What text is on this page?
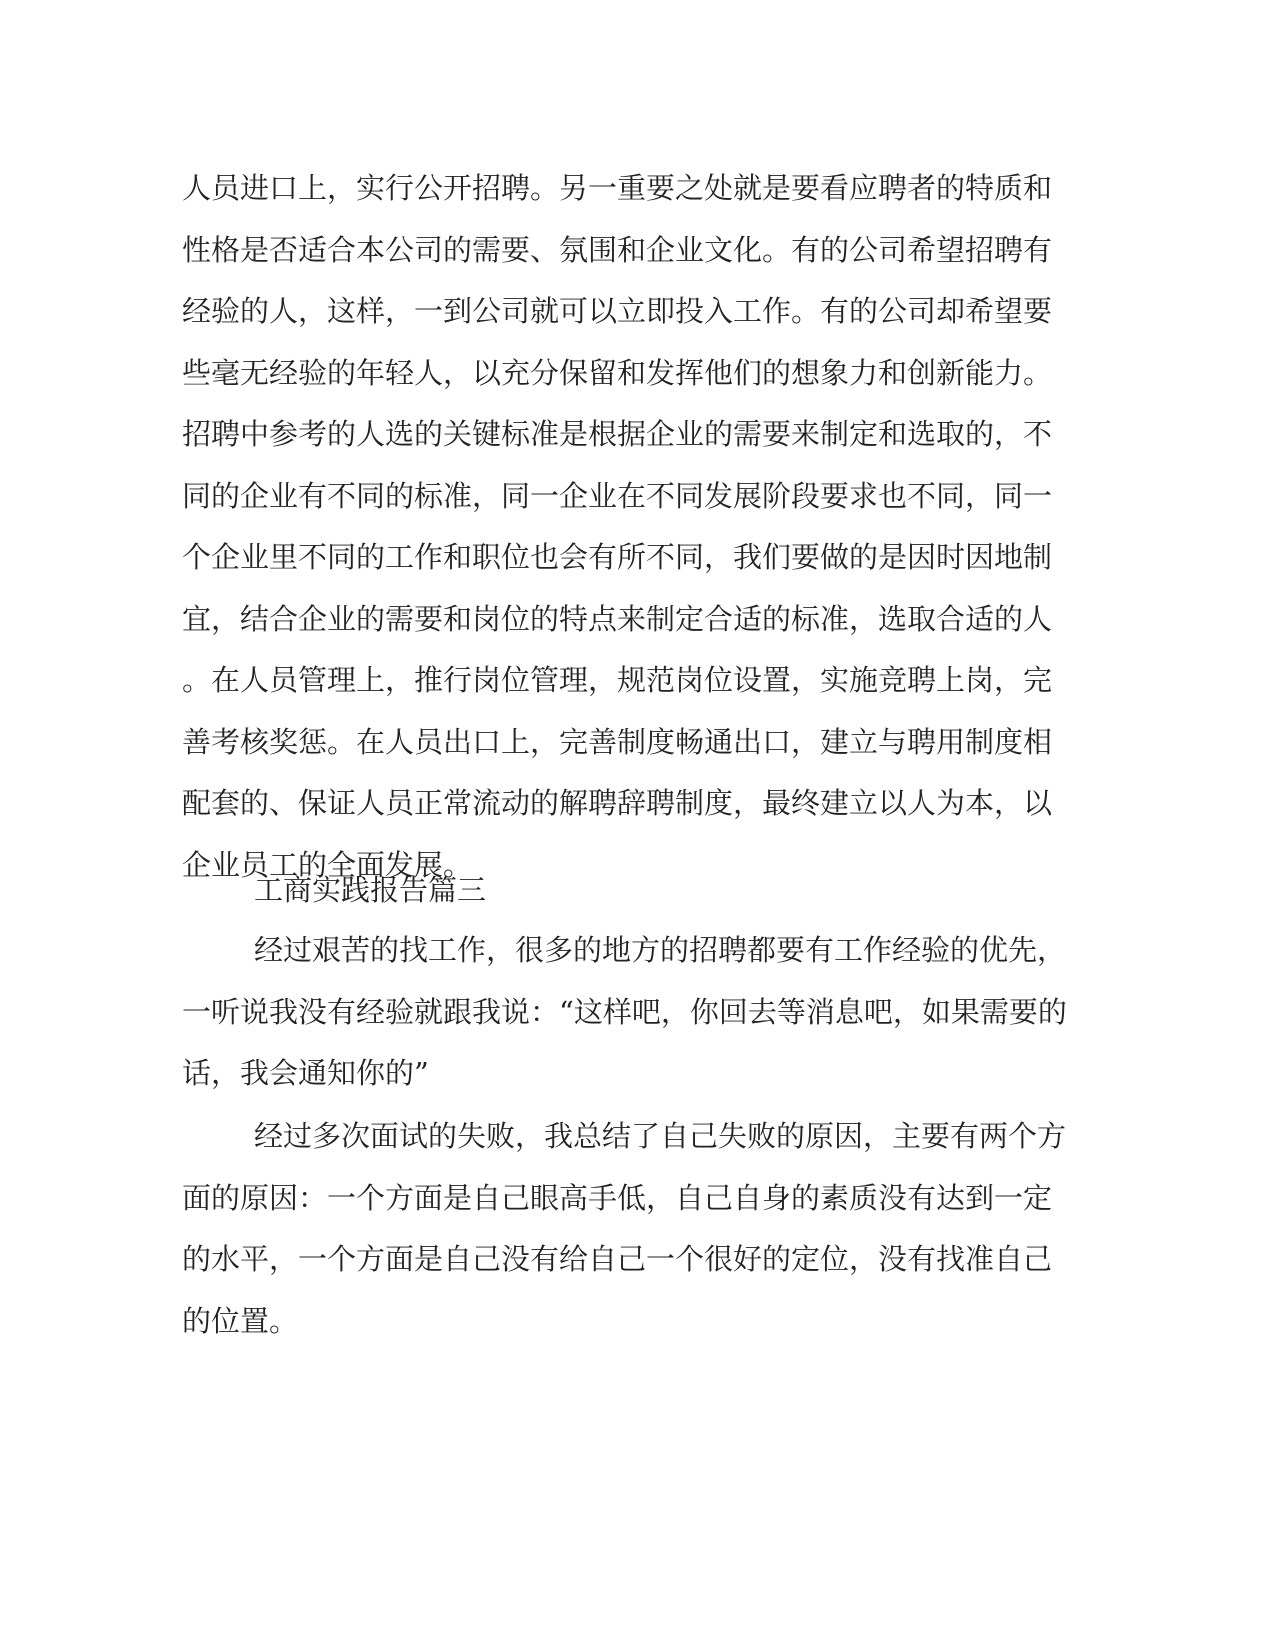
人员进口上，实行公开招聘。另一重要之处就是要看应聘者的特质和
性格是否适合本公司的需要、氛围和企业文化。有的公司希望招聘有
经验的人，这样，一到公司就可以立即投入工作。有的公司却希望要
些毫无经验的年轻人，以充分保留和发挥他们的想象力和创新能力。
招聘中参考的人选的关键标准是根据企业的需要来制定和选取的，不
同的企业有不同的标准，同一企业在不同发展阶段要求也不同，同一
个企业里不同的工作和职位也会有所不同，我们要做的是因时因地制
宜，结合企业的需要和岗位的特点来制定合适的标准，选取合适的人
。在人员管理上，推行岗位管理，规范岗位设置，实施竞聘上岗，完
善考核奖惩。在人员出口上，完善制度畅通出口，建立与聘用制度相
配套的、保证人员正常流动的解聘辞聘制度，最终建立以人为本，以
企业员工的全面发展。
工商实践报告篇三
经过艰苦的找工作，很多的地方的招聘都要有工作经验的优先，
一听说我没有经验就跟我说：“这样吧，你回去等消息吧，如果需要的
话，我会通知你的”
经过多次面试的失败，我总结了自己失败的原因，主要有两个方
面的原因：一个方面是自己眼高手低，自己自身的素质没有达到一定
的水平，一个方面是自己没有给自己一个很好的定位，没有找准自己
的位置。
